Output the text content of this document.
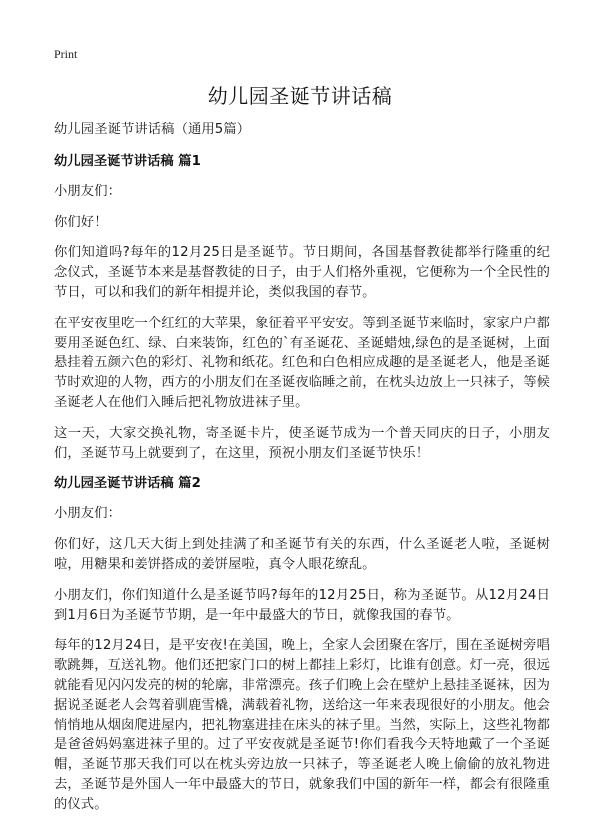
Print
幼儿园圣诞节讲话稿

幼儿园圣诞节讲话稿（通用5篇）

幼儿园圣诞节讲话稿 篇1

小朋友们：

你们好！

你们知道吗?每年的12月25日是圣诞节。节日期间，各国基督教徒都举行隆重的纪念仪式，圣诞节本来是基督教徒的日子，由于人们格外重视，它便称为一个全民性的节日，可以和我们的新年相提并论，类似我国的春节。

在平安夜里吃一个红红的大苹果，象征着平平安安。等到圣诞节来临时，家家户户都要用圣诞色红、绿、白来装饰，红色的`有圣诞花、圣诞蜡烛,绿色的是圣诞树，上面悬挂着五颜六色的彩灯、礼物和纸花。红色和白色相应成趣的是圣诞老人，他是圣诞节时欢迎的人物，西方的小朋友们在圣诞夜临睡之前，在枕头边放上一只袜子，等候圣诞老人在他们入睡后把礼物放进袜子里。

这一天，大家交换礼物，寄圣诞卡片，使圣诞节成为一个普天同庆的日子，小朋友们，圣诞节马上就要到了，在这里，预祝小朋友们圣诞节快乐！

幼儿园圣诞节讲话稿 篇2

小朋友们：

你们好，这几天大街上到处挂满了和圣诞节有关的东西，什么圣诞老人啦，圣诞树啦，用糖果和姜饼搭成的姜饼屋啦，真令人眼花缭乱。

小朋友们，你们知道什么是圣诞节吗?每年的12月25日，称为圣诞节。从12月24日到1月6日为圣诞节节期，是一年中最盛大的节日，就像我国的春节。

每年的12月24日，是平安夜!在美国，晚上，全家人会团聚在客厅，围在圣诞树旁唱歌跳舞，互送礼物。他们还把家门口的树上都挂上彩灯，比谁有创意。灯一亮，很远就能看见闪闪发亮的树的轮廓，非常漂亮。孩子们晚上会在壁炉上悬挂圣诞袜，因为据说圣诞老人会驾着驯鹿雪橇，满载着礼物，送给这一年来表现很好的小朋友。他会悄悄地从烟囱爬进屋内，把礼物塞进挂在床头的袜子里。当然，实际上，这些礼物都是爸爸妈妈塞进袜子里的。过了平安夜就是圣诞节!你们看我今天特地戴了一个圣诞帽，圣诞节那天我们可以在枕头旁边放一只袜子，等圣诞老人晚上偷偷的放礼物进去，圣诞节是外国人一年中最盛大的节日，就象我们中国的新年一样，都会有很隆重的仪式。
